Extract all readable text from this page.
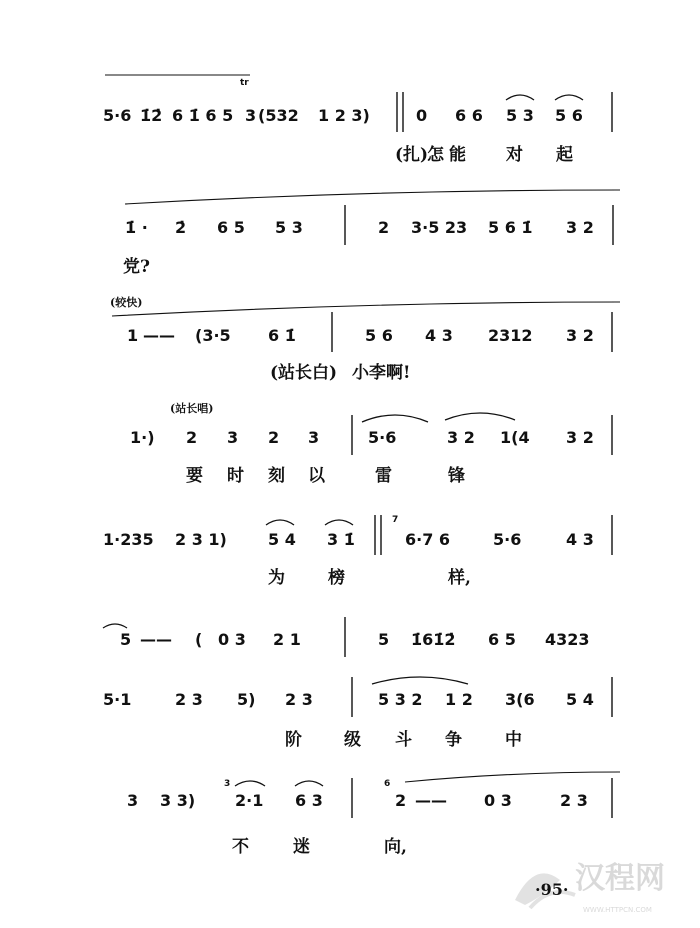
tr
5·6 1̇2̇ 6 1̇ 6 5 3 (532 1 2 3)	0 6 6 5 3 5 6
(扎)
怎 能 对 起
1̇ · 2̇ 6 5 5 3	2 3·5 23 5 6 1̇ 3 2
党?
(较快)
1 —— (3·5 6 1̇	5 6 4 3 2312 3 2
(站长白) 小李啊!
(站长唱)
1·) 2 3 2 3	5·6	3 2 1(4 3 2
要 时 刻 以	雷	锋
1·235 2 3 1)	5 4 3 1̇
7
6·7 6	5·6	4 3
为	榜	样,
5 —— ( 0 3 2 1	5 1̇61̇2̇ 6 5 4323
5·1	2 3 5) 2 3	5 3 2 1 2 3(6 5 4
阶 级 斗 争	中
3 3 3)
3
2·1 6 3
6
2 —— 0 3	2 3
不	迷	向,
汉程网
WWW.HTTPCN.COM
·95·
